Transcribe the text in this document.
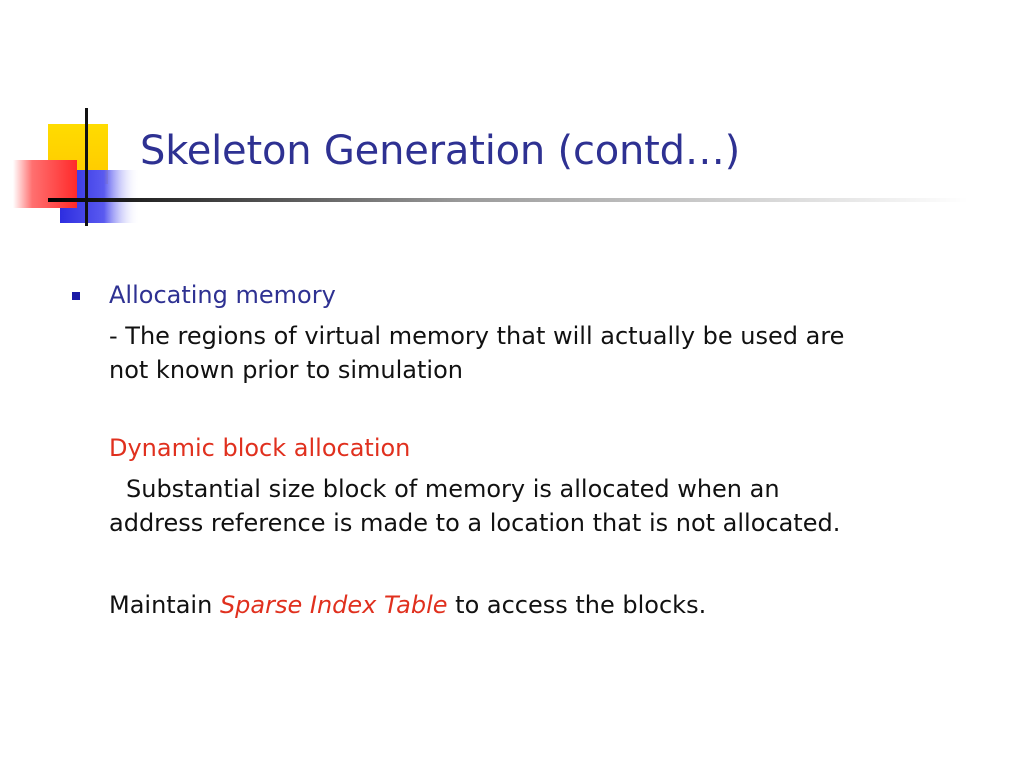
Skeleton Generation (contd…)

Allocating memory

- The regions of virtual memory that will actually be used are

not known prior to simulation

Dynamic block allocation

Substantial size block of memory is allocated when an

address reference is made to a location that is not allocated.

Maintain Sparse Index Table to access the blocks.
